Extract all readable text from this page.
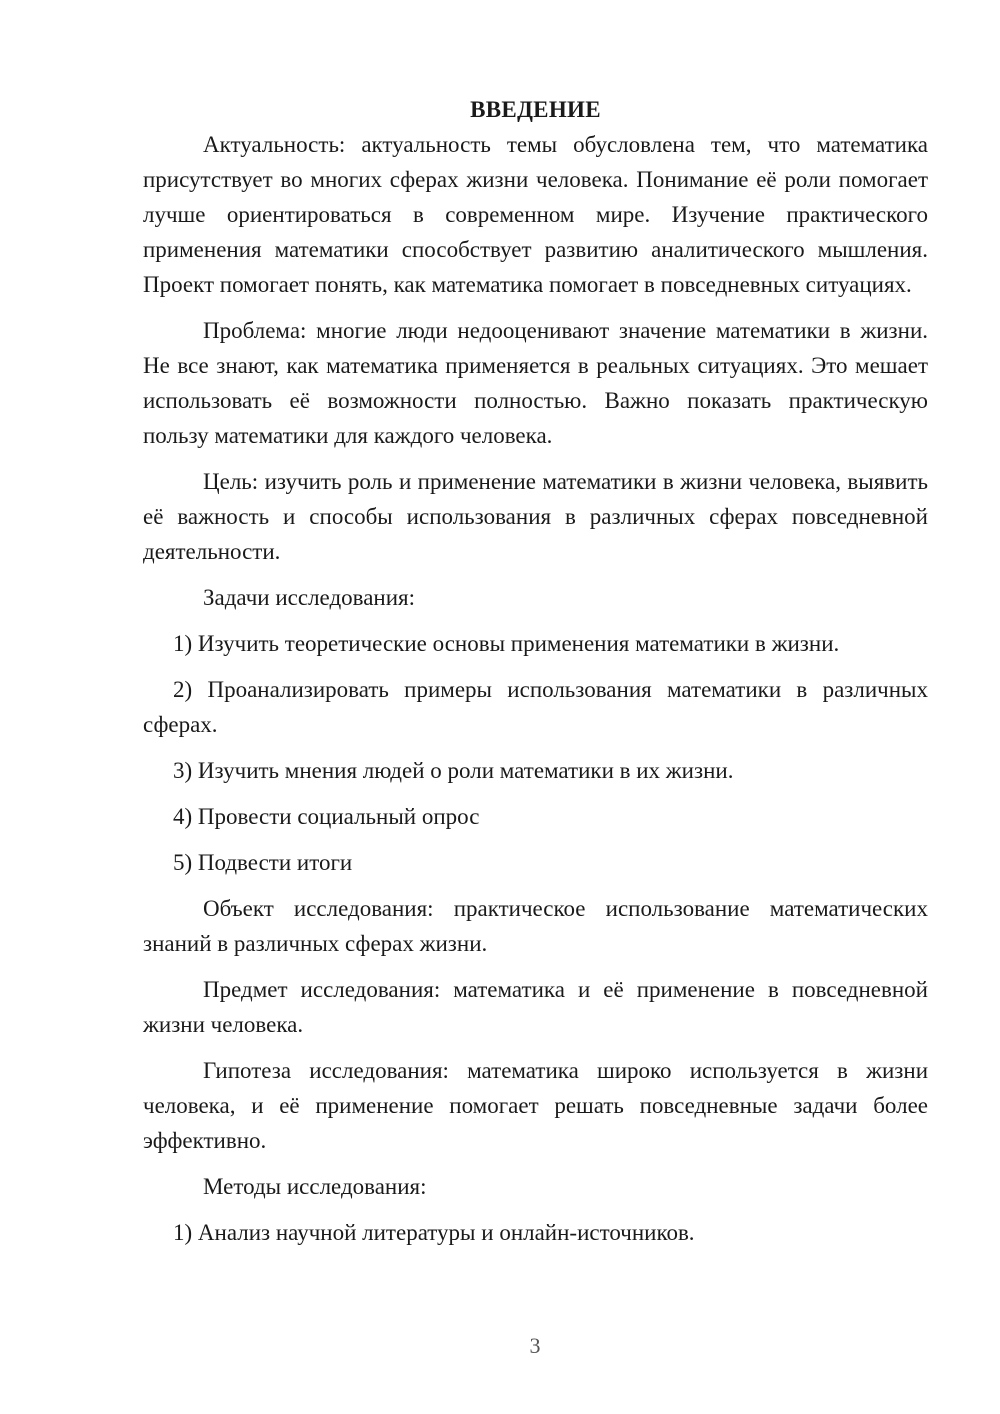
ВВЕДЕНИЕ

Актуальность: актуальность темы обусловлена тем, что математика присутствует во многих сферах жизни человека. Понимание её роли помогает лучше ориентироваться в современном мире. Изучение практического применения математики способствует развитию аналитического мышления. Проект помогает понять, как математика помогает в повседневных ситуациях.

Проблема: многие люди недооценивают значение математики в жизни. Не все знают, как математика применяется в реальных ситуациях. Это мешает использовать её возможности полностью. Важно показать практическую пользу математики для каждого человека.

Цель: изучить роль и применение математики в жизни человека, выявить её важность и способы использования в различных сферах повседневной деятельности.

Задачи исследования:

1) Изучить теоретические основы применения математики в жизни.

2) Проанализировать примеры использования математики в различных сферах.

3) Изучить мнения людей о роли математики в их жизни.

4) Провести социальный опрос

5) Подвести итоги

Объект исследования: практическое использование математических знаний в различных сферах жизни.

Предмет исследования: математика и её применение в повседневной жизни человека.

Гипотеза исследования: математика широко используется в жизни человека, и её применение помогает решать повседневные задачи более эффективно.

Методы исследования:

1) Анализ научной литературы и онлайн-источников.

3
